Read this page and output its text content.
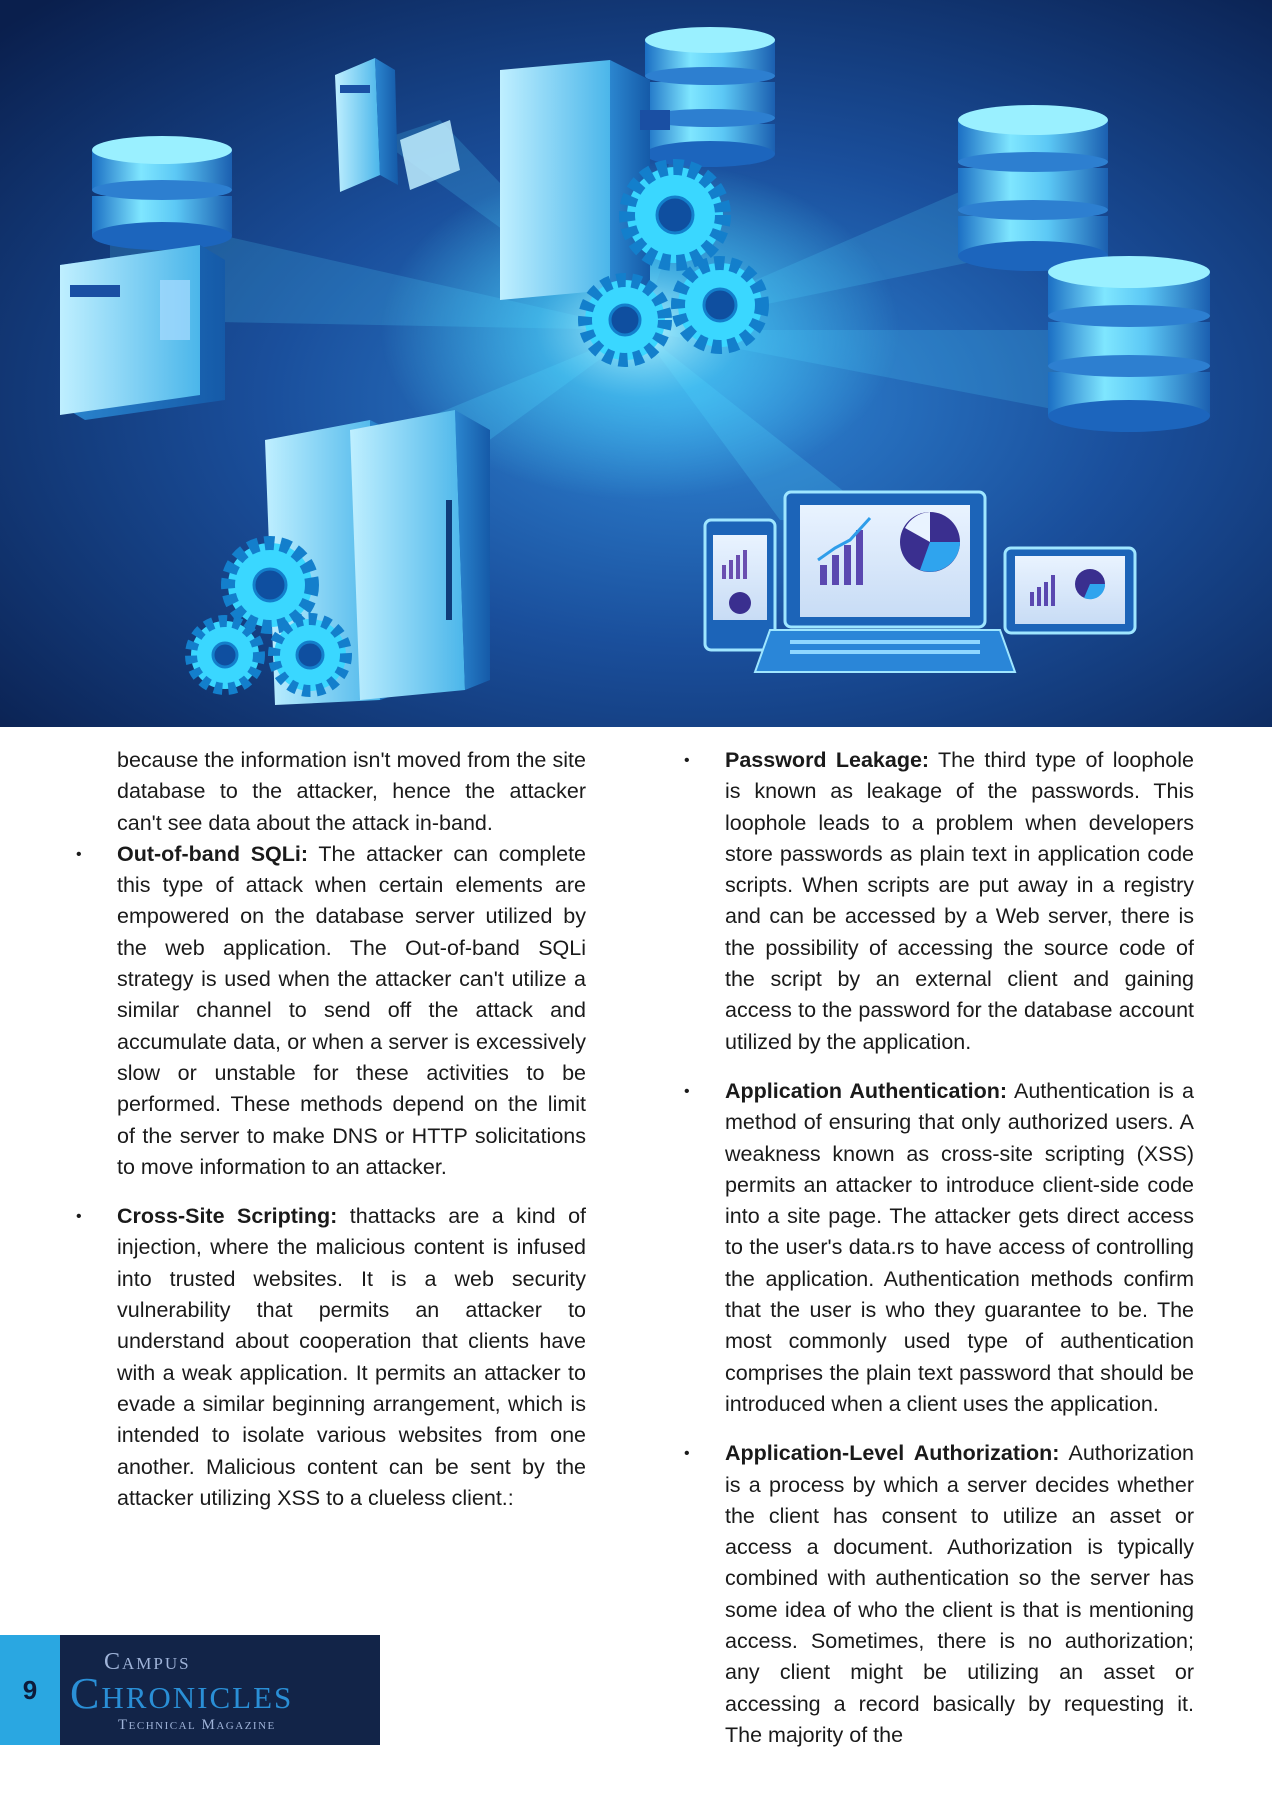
because the information isn't moved from the site database to the attacker, hence the attacker can't see data about the attack in-band.

• Out-of-band SQLi: The attacker can complete this type of attack when certain elements are empowered on the database server utilized by the web application. The Out-of-band SQLi strategy is used when the attacker can't utilize a similar channel to send off the attack and accumulate data, or when a server is excessively slow or unstable for these activities to be performed. These methods depend on the limit of the server to make DNS or HTTP solicitations to move information to an attacker.
• Cross-Site Scripting: thattacks are a kind of injection, where the malicious content is infused into trusted websites. It is a web security vulnerability that permits an attacker to understand about cooperation that clients have with a weak application. It permits an attacker to evade a similar beginning arrangement, which is intended to isolate various websites from one another. Malicious content can be sent by the attacker utilizing XSS to a clueless client.:
• Password Leakage: The third type of loophole is known as leakage of the passwords. This loophole leads to a problem when developers store passwords as plain text in application code scripts. When scripts are put away in a registry and can be accessed by a Web server, there is the possibility of accessing the source code of the script by an external client and gaining access to the password for the database account utilized by the application.
• Application Authentication: Authentication is a method of ensuring that only authorized users. A weakness known as cross-site scripting (XSS) permits an attacker to introduce client-side code into a site page. The attacker gets direct access to the user's data.rs to have access of controlling the application. Authentication methods confirm that the user is who they guarantee to be. The most commonly used type of authentication comprises the plain text password that should be introduced when a client uses the application.
• Application-Level Authorization: Authorization is a process by which a server decides whether the client has consent to utilize an asset or access a document. Authorization is typically combined with authentication so the server has some idea of who the client is that is mentioning access. Sometimes, there is no authorization; any client might be utilizing an asset or accessing a record basically by requesting it. The majority of the
9
Campus
Chronicles
Technical Magazine
